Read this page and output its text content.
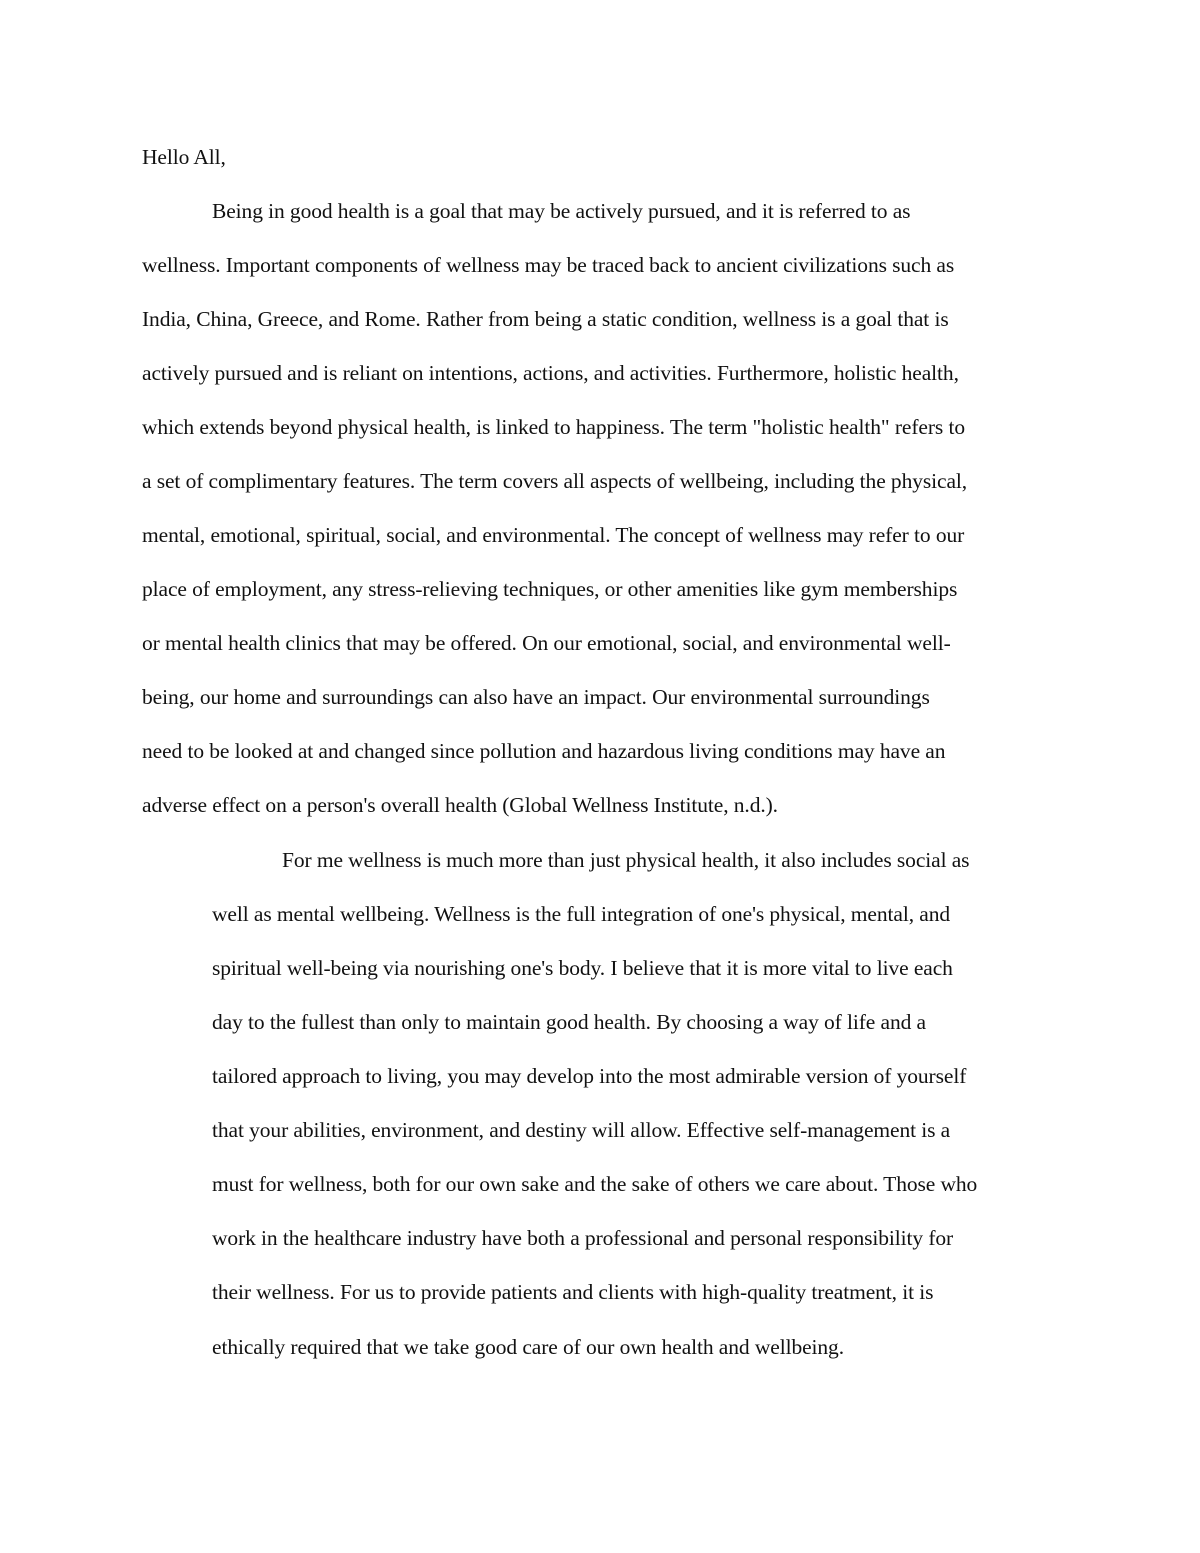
Hello All,
Being in good health is a goal that may be actively pursued, and it is referred to as
wellness. Important components of wellness may be traced back to ancient civilizations such as
India, China, Greece, and Rome. Rather from being a static condition, wellness is a goal that is
actively pursued and is reliant on intentions, actions, and activities. Furthermore, holistic health,
which extends beyond physical health, is linked to happiness. The term "holistic health" refers to
a set of complimentary features. The term covers all aspects of wellbeing, including the physical,
mental, emotional, spiritual, social, and environmental. The concept of wellness may refer to our
place of employment, any stress-relieving techniques, or other amenities like gym memberships
or mental health clinics that may be offered. On our emotional, social, and environmental well-
being, our home and surroundings can also have an impact. Our environmental surroundings
need to be looked at and changed since pollution and hazardous living conditions may have an
adverse effect on a person's overall health (Global Wellness Institute, n.d.).
For me wellness is much more than just physical health, it also includes social as
well as mental wellbeing. Wellness is the full integration of one's physical, mental, and
spiritual well-being via nourishing one's body. I believe that it is more vital to live each
day to the fullest than only to maintain good health. By choosing a way of life and a
tailored approach to living, you may develop into the most admirable version of yourself
that your abilities, environment, and destiny will allow. Effective self-management is a
must for wellness, both for our own sake and the sake of others we care about. Those who
work in the healthcare industry have both a professional and personal responsibility for
their wellness. For us to provide patients and clients with high-quality treatment, it is
ethically required that we take good care of our own health and wellbeing.
